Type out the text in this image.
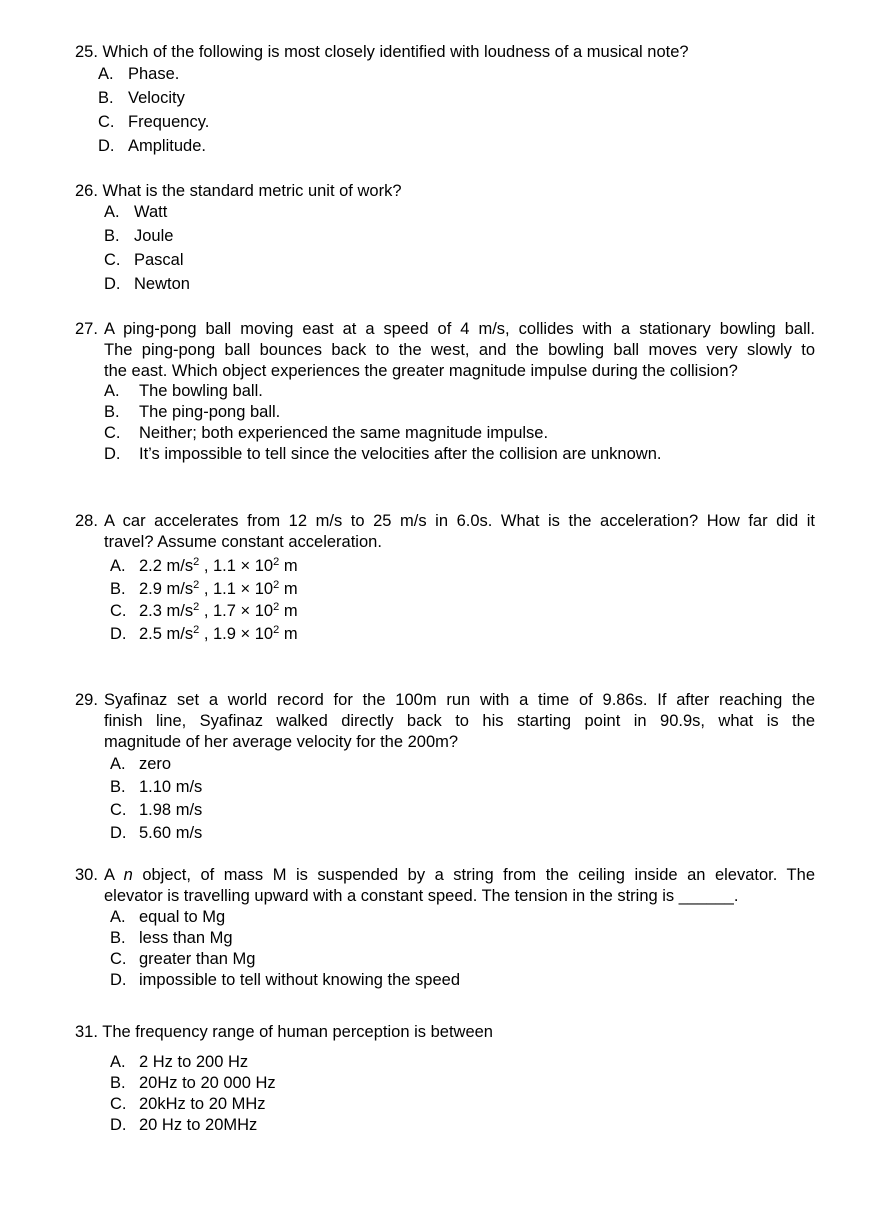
25. Which of the following is most closely identified with loudness of a musical note?
A. Phase.
B. Velocity
C. Frequency.
D. Amplitude.
26. What is the standard metric unit of work?
A. Watt
B. Joule
C. Pascal
D. Newton
27. A ping-pong ball moving east at a speed of 4 m/s, collides with a stationary bowling ball.
The ping-pong ball bounces back to the west, and the bowling ball moves very slowly to
the east. Which object experiences the greater magnitude impulse during the collision?
A. The bowling ball.
B. The ping-pong ball.
C. Neither; both experienced the same magnitude impulse.
D. It’s impossible to tell since the velocities after the collision are unknown.
28. A car accelerates from 12 m/s to 25 m/s in 6.0s. What is the acceleration? How far did it
travel? Assume constant acceleration.
A. 2.2 $m/s^2$ , $1.1 \times 10^2$ m
B. 2.9 $m/s^2$ , $1.1 \times 10^2$ m
C. 2.3 $m/s^2$ , $1.7 \times 10^2$ m
D. 2.5 $m/s^2$ , $1.9 \times 10^2$ m
29. Syafinaz set a world record for the 100m run with a time of 9.86s. If after reaching the
finish line, Syafinaz walked directly back to his starting point in 90.9s, what is the
magnitude of her average velocity for the 200m?
A. zero
B. 1.10 m/s
C. 1.98 m/s
D. 5.60 m/s
30. A n object, of mass M is suspended by a string from the ceiling inside an elevator. The
elevator is travelling upward with a constant speed. The tension in the string is ______.
A. equal to Mg
B. less than Mg
C. greater than Mg
D. impossible to tell without knowing the speed
31. The frequency range of human perception is between
A. 2 Hz to 200 Hz
B. 20Hz to 20 000 Hz
C. 20kHz to 20 MHz
D. 20 Hz to 20MHz
